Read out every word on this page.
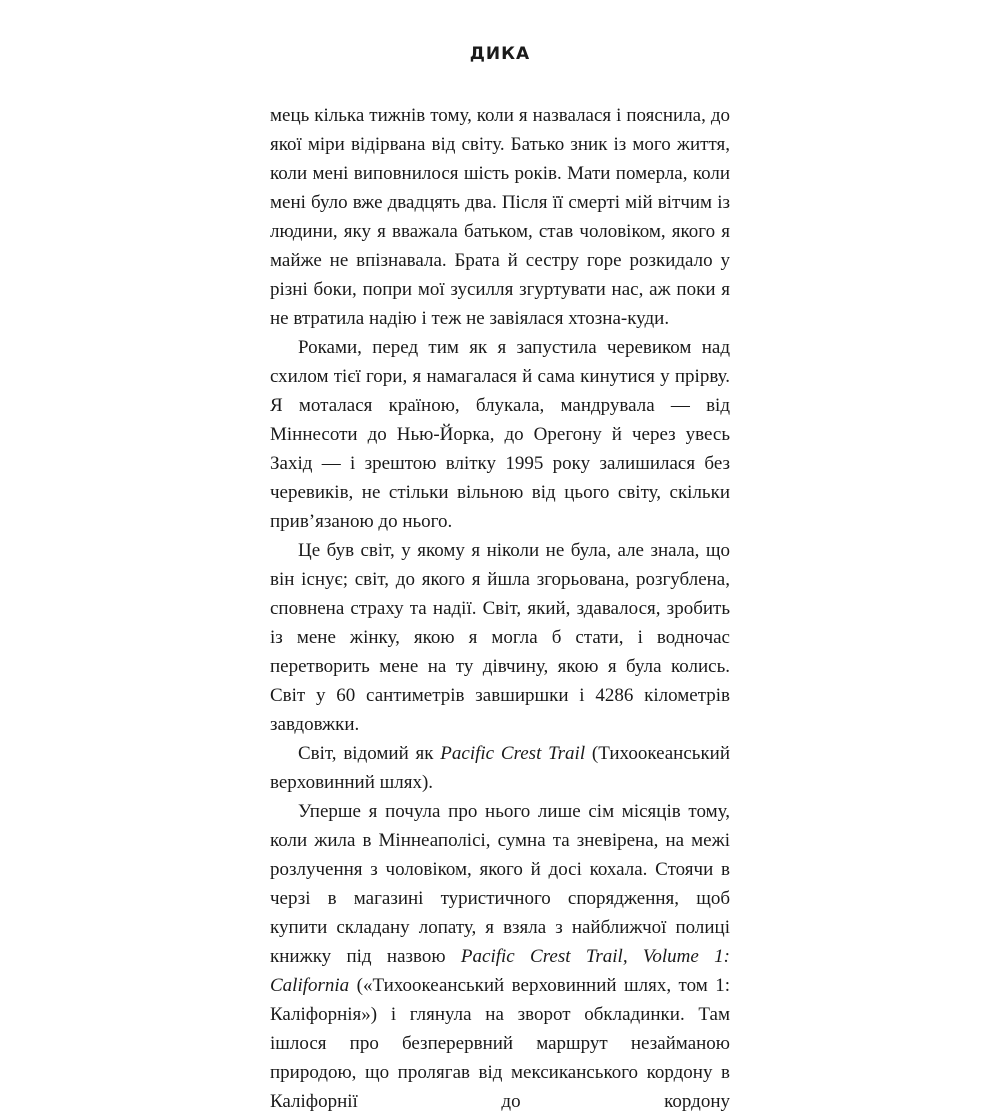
ДИКА

мець кілька тижнів тому, коли я назвалася і пояснила, до якої міри відірвана від світу. Батько зник із мого життя, коли мені виповнилося шість років. Мати померла, коли мені було вже двадцять два. Після її смерті мій вітчим із людини, яку я вважала батьком, став чоловіком, якого я майже не впізнавала. Брата й сестру горе розкидало у різні боки, попри мої зусилля згуртувати нас, аж поки я не втратила надію і теж не завіялася хтозна-куди.

Роками, перед тим як я запустила черевиком над схилом тієї гори, я намагалася й сама кинутися у прірву. Я моталася країною, блукала, мандрувала — від Міннесоти до Нью-Йорка, до Орегону й через увесь Захід — і зрештою влітку 1995 року залишилася без черевиків, не стільки вільною від цього світу, скільки прив’язаною до нього.

Це був світ, у якому я ніколи не була, але знала, що він існує; світ, до якого я йшла згорьована, розгублена, сповнена страху та надії. Світ, який, здавалося, зробить із мене жінку, якою я могла б стати, і водночас перетворить мене на ту дівчину, якою я була колись. Світ у 60 сантиметрів завширшки і 4286 кілометрів завдовжки.

Світ, відомий як Pacific Crest Trail (Тихоокеанський верховинний шлях).

Уперше я почула про нього лише сім місяців тому, коли жила в Міннеаполісі, сумна та зневірена, на межі розлучення з чоловіком, якого й досі кохала. Стоячи в черзі в магазині туристичного спорядження, щоб купити складану лопату, я взяла з найближчої полиці книжку під назвою Pacific Crest Trail, Volume 1: California («Тихоокеанський верховинний шлях, том 1: Каліфорнія») і глянула на зворот обкладинки. Там ішлося про безперервний маршрут незайманою природою, що пролягав від мексиканського кордону в Каліфорнії до кордону
